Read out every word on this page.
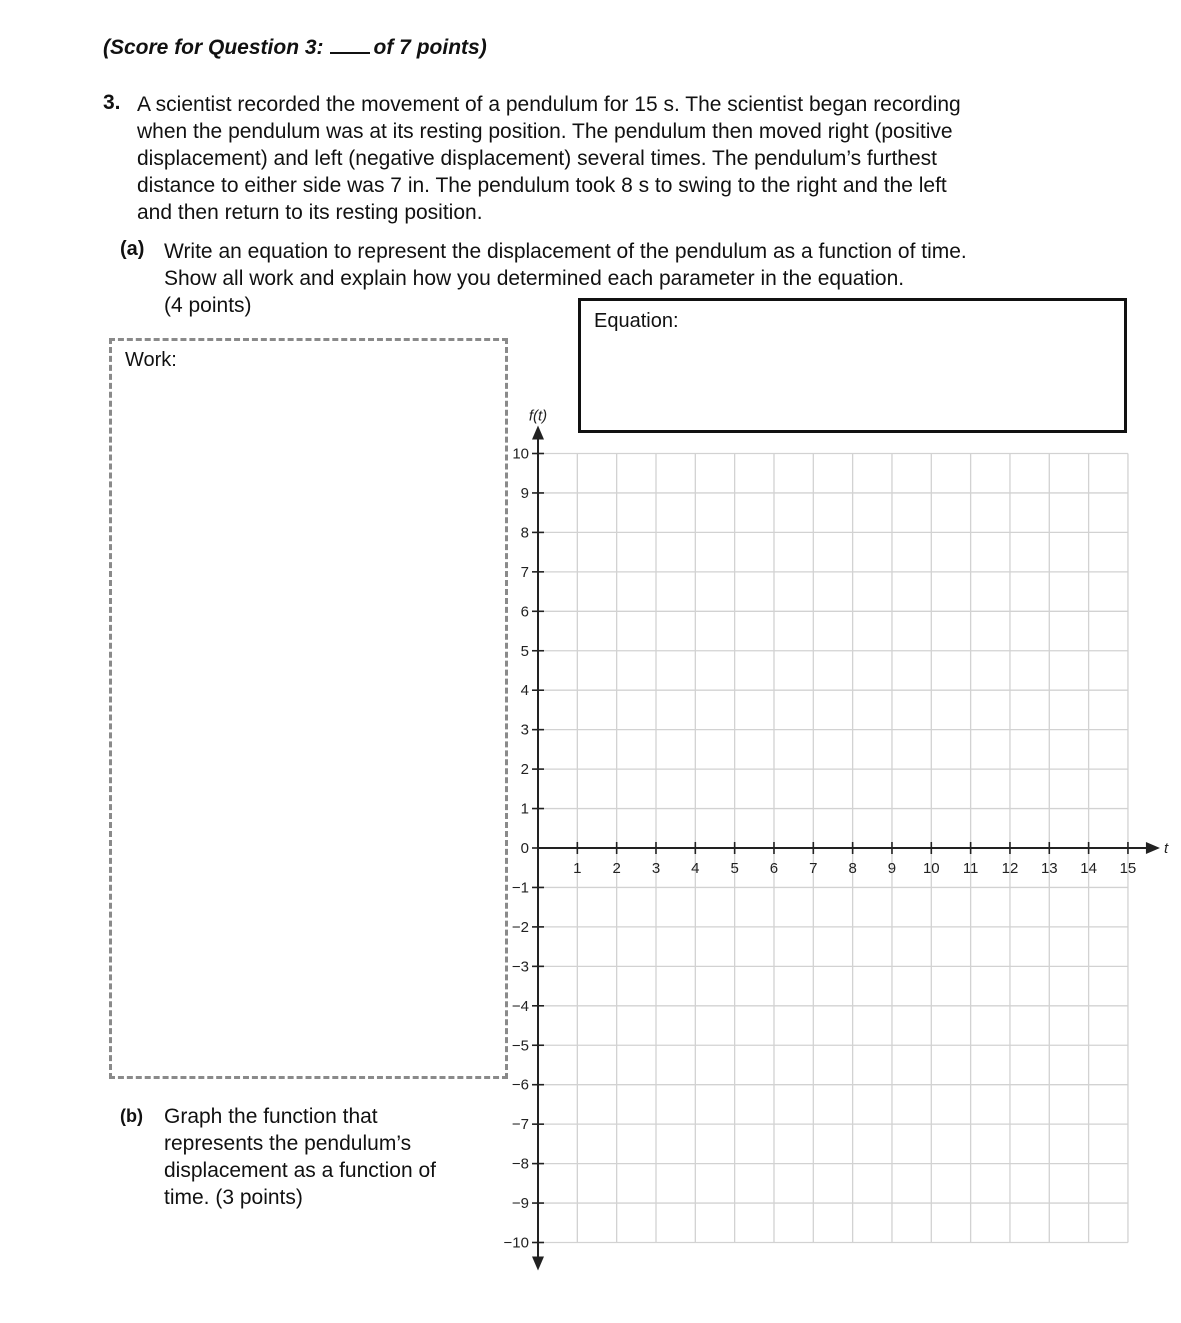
(Score for Question 3: of 7 points)
3. A scientist recorded the movement of a pendulum for 15 s. The scientist began recording
when the pendulum was at its resting position. The pendulum then moved right (positive
displacement) and left (negative displacement) several times. The pendulum’s furthest
distance to either side was 7 in. The pendulum took 8 s to swing to the right and the left
and then return to its resting position.
(a) Write an equation to represent the displacement of the pendulum as a function of time.
Show all work and explain how you determined each parameter in the equation.
(4 points)
Equation:
Work:
(b) Graph the function that
represents the pendulum’s
displacement as a function of
time. (3 points)
10
9
8
7
6
5
4
3
2
1
0
−1
−2
−3
−4
−5
−6
−7
−8
−9
−10
1 2 3 4 5 6 7 8 9 10 11 12 13 14 15
f(t)
t
